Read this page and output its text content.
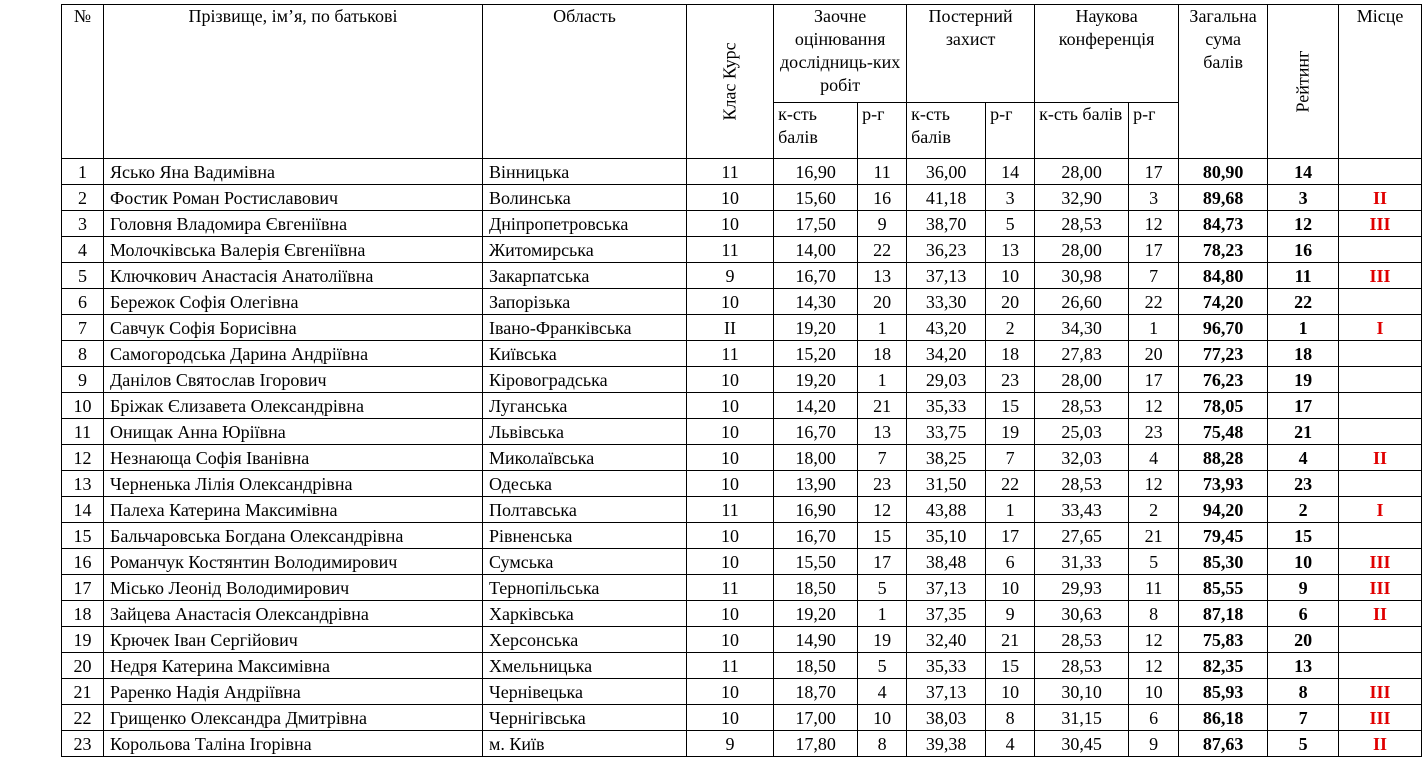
№	Прізвище, ім’я, по батькові	Область	Клас Курс	Заочне оцінювання дослідниць-ких робіт		Постерний захист		Наукова конференція		Загальна сума балів	Рейтинг	Місце
				к-сть балів	р-г	к-сть балів	р-г	к-сть балів	р-г			
1	Ясько Яна Вадимівна	Вінницька	11	16,90	11	36,00	14	28,00	17	80,90	14	
2	Фостик Роман Ростиславович	Волинська	10	15,60	16	41,18	3	32,90	3	89,68	3	ІІ
3	Головня Владомира Євгеніївна	Дніпропетровська	10	17,50	9	38,70	5	28,53	12	84,73	12	ІІІ
4	Молочківська Валерія Євгеніївна	Житомирська	11	14,00	22	36,23	13	28,00	17	78,23	16	
5	Ключкович Анастасія Анатоліївна	Закарпатська	9	16,70	13	37,13	10	30,98	7	84,80	11	ІІІ
6	Бережок Софія Олегівна	Запорізька	10	14,30	20	33,30	20	26,60	22	74,20	22	
7	Савчук Софія Борисівна	Івано-Франківська	ІІ	19,20	1	43,20	2	34,30	1	96,70	1	І
8	Самогородська Дарина Андріївна	Київська	11	15,20	18	34,20	18	27,83	20	77,23	18	
9	Данілов Святослав Ігорович	Кіровоградська	10	19,20	1	29,03	23	28,00	17	76,23	19	
10	Бріжак Єлизавета Олександрівна	Луганська	10	14,20	21	35,33	15	28,53	12	78,05	17	
11	Онищак Анна Юріївна	Львівська	10	16,70	13	33,75	19	25,03	23	75,48	21	
12	Незнающа Софія Іванівна	Миколаївська	10	18,00	7	38,25	7	32,03	4	88,28	4	ІІ
13	Черненька Лілія Олександрівна	Одеська	10	13,90	23	31,50	22	28,53	12	73,93	23	
14	Палеха Катерина Максимівна	Полтавська	11	16,90	12	43,88	1	33,43	2	94,20	2	І
15	Бальчаровська Богдана Олександрівна	Рівненська	10	16,70	15	35,10	17	27,65	21	79,45	15	
16	Романчук Костянтин Володимирович	Сумська	10	15,50	17	38,48	6	31,33	5	85,30	10	ІІІ
17	Місько Леонід Володимирович	Тернопільська	11	18,50	5	37,13	10	29,93	11	85,55	9	ІІІ
18	Зайцева Анастасія Олександрівна	Харківська	10	19,20	1	37,35	9	30,63	8	87,18	6	ІІ
19	Крючек Іван Сергійович	Херсонська	10	14,90	19	32,40	21	28,53	12	75,83	20	
20	Недря Катерина Максимівна	Хмельницька	11	18,50	5	35,33	15	28,53	12	82,35	13	
21	Раренко Надія Андріївна	Чернівецька	10	18,70	4	37,13	10	30,10	10	85,93	8	ІІІ
22	Грищенко Олександра Дмитрівна	Чернігівська	10	17,00	10	38,03	8	31,15	6	86,18	7	ІІІ
23	Корольова Таліна Ігорівна	м. Київ	9	17,80	8	39,38	4	30,45	9	87,63	5	ІІ
